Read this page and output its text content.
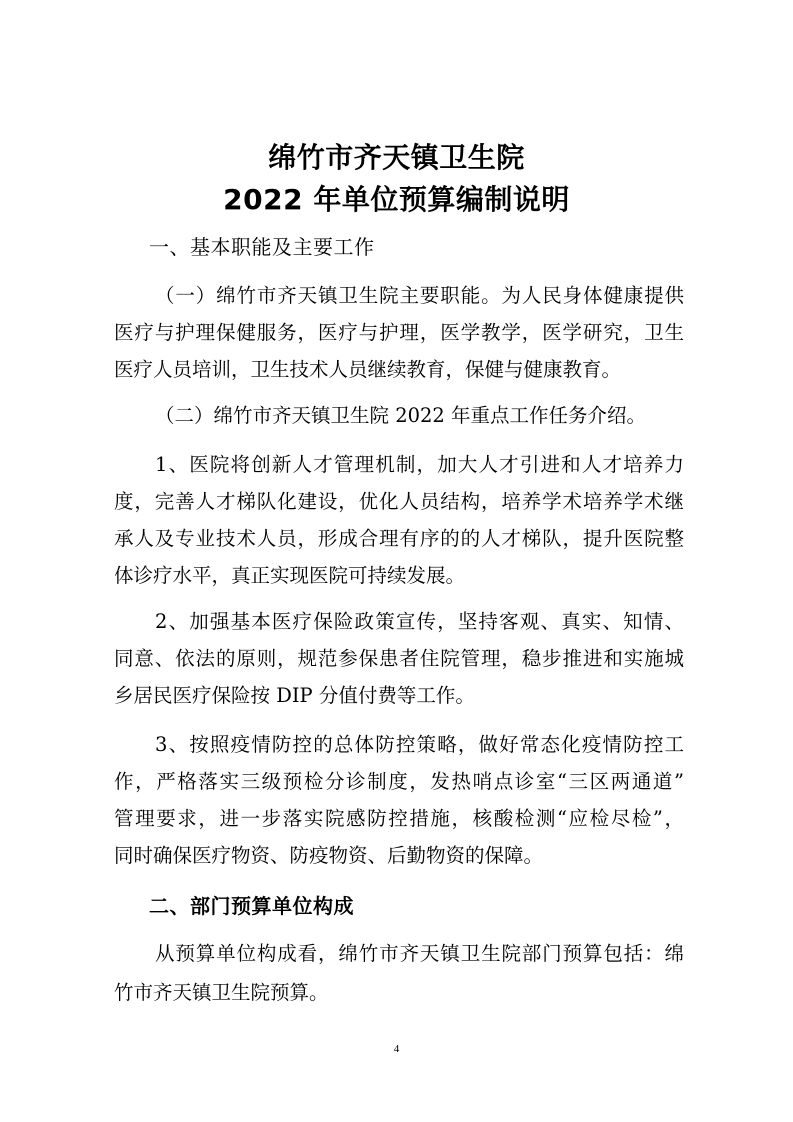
绵竹市齐天镇卫生院
2022 年单位预算编制说明
一、基本职能及主要工作
（一）绵竹市齐天镇卫生院主要职能。为人民身体健康提供
医疗与护理保健服务，医疗与护理，医学教学，医学研究，卫生
医疗人员培训，卫生技术人员继续教育，保健与健康教育。
（二）绵竹市齐天镇卫生院 2022 年重点工作任务介绍。
1、医院将创新人才管理机制，加大人才引进和人才培养力
度，完善人才梯队化建设，优化人员结构，培养学术培养学术继
承人及专业技术人员，形成合理有序的的人才梯队，提升医院整
体诊疗水平，真正实现医院可持续发展。
2、加强基本医疗保险政策宣传，坚持客观、真实、知情、
同意、依法的原则，规范参保患者住院管理，稳步推进和实施城
乡居民医疗保险按 DIP 分值付费等工作。
3、按照疫情防控的总体防控策略，做好常态化疫情防控工
作，严格落实三级预检分诊制度，发热哨点诊室“三区两通道”
管理要求，进一步落实院感防控措施，核酸检测“应检尽检”，
同时确保医疗物资、防疫物资、后勤物资的保障。
二、部门预算单位构成
从预算单位构成看，绵竹市齐天镇卫生院部门预算包括：绵
竹市齐天镇卫生院预算。
4
